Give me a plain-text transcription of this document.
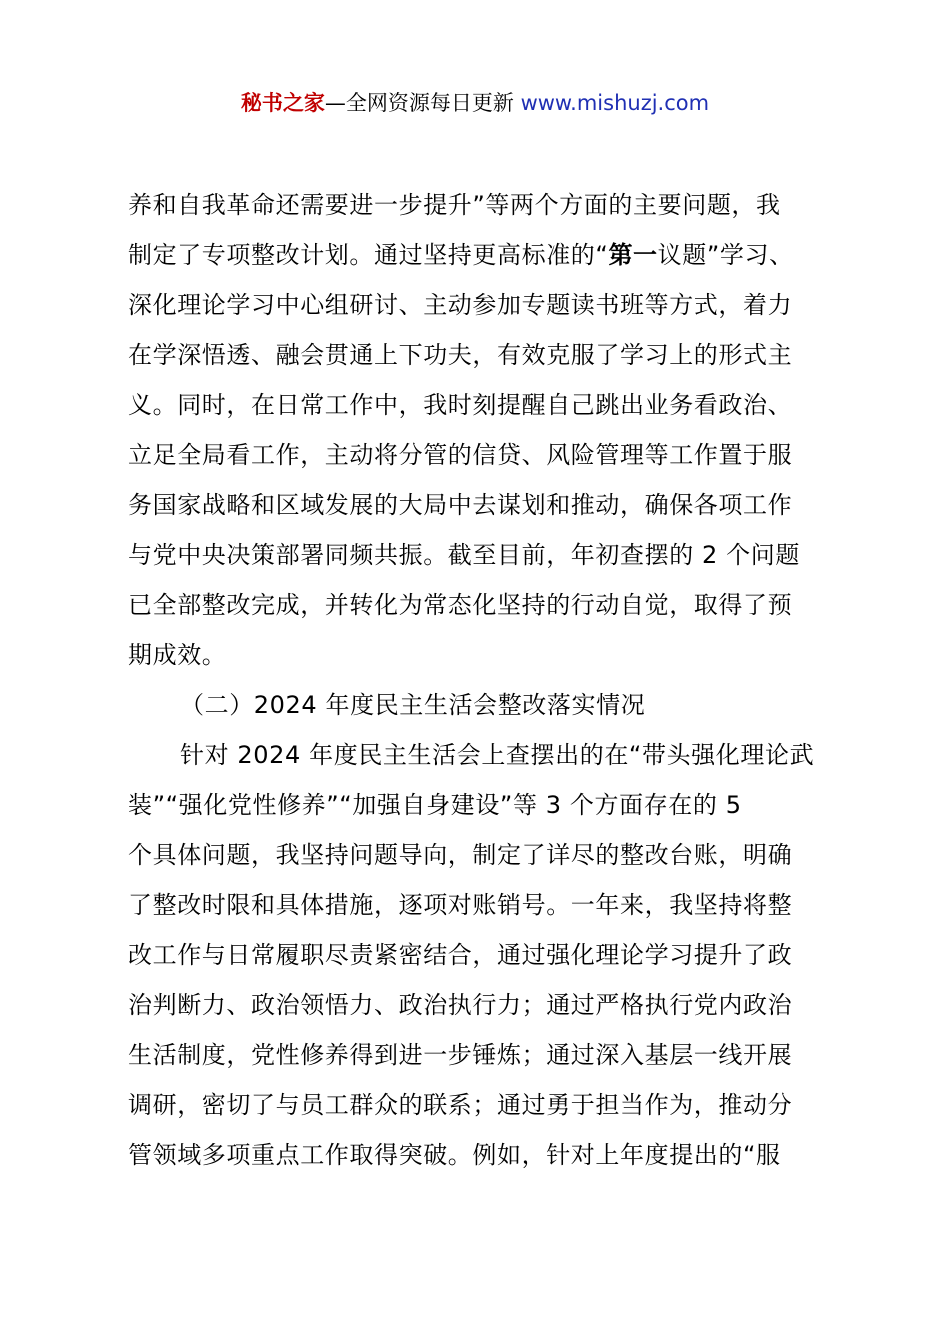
秘书之家—全网资源每日更新 www.mishuzj.com
养和自我革命还需要进一步提升”等两个方面的主要问题，我
制定了专项整改计划。通过坚持更高标准的“第一议题”学习、
深化理论学习中心组研讨、主动参加专题读书班等方式，着力
在学深悟透、融会贯通上下功夫，有效克服了学习上的形式主
义。同时，在日常工作中，我时刻提醒自己跳出业务看政治、
立足全局看工作，主动将分管的信贷、风险管理等工作置于服
务国家战略和区域发展的大局中去谋划和推动，确保各项工作
与党中央决策部署同频共振。截至目前，年初查摆的 2 个问题
已全部整改完成，并转化为常态化坚持的行动自觉，取得了预
期成效。
（二）2024 年度民主生活会整改落实情况
针对 2024 年度民主生活会上查摆出的在“带头强化理论武
装”“强化党性修养”“加强自身建设”等 3 个方面存在的 5
个具体问题，我坚持问题导向，制定了详尽的整改台账，明确
了整改时限和具体措施，逐项对账销号。一年来，我坚持将整
改工作与日常履职尽责紧密结合，通过强化理论学习提升了政
治判断力、政治领悟力、政治执行力；通过严格执行党内政治
生活制度，党性修养得到进一步锤炼；通过深入基层一线开展
调研，密切了与员工群众的联系；通过勇于担当作为，推动分
管领域多项重点工作取得突破。例如，针对上年度提出的“服
